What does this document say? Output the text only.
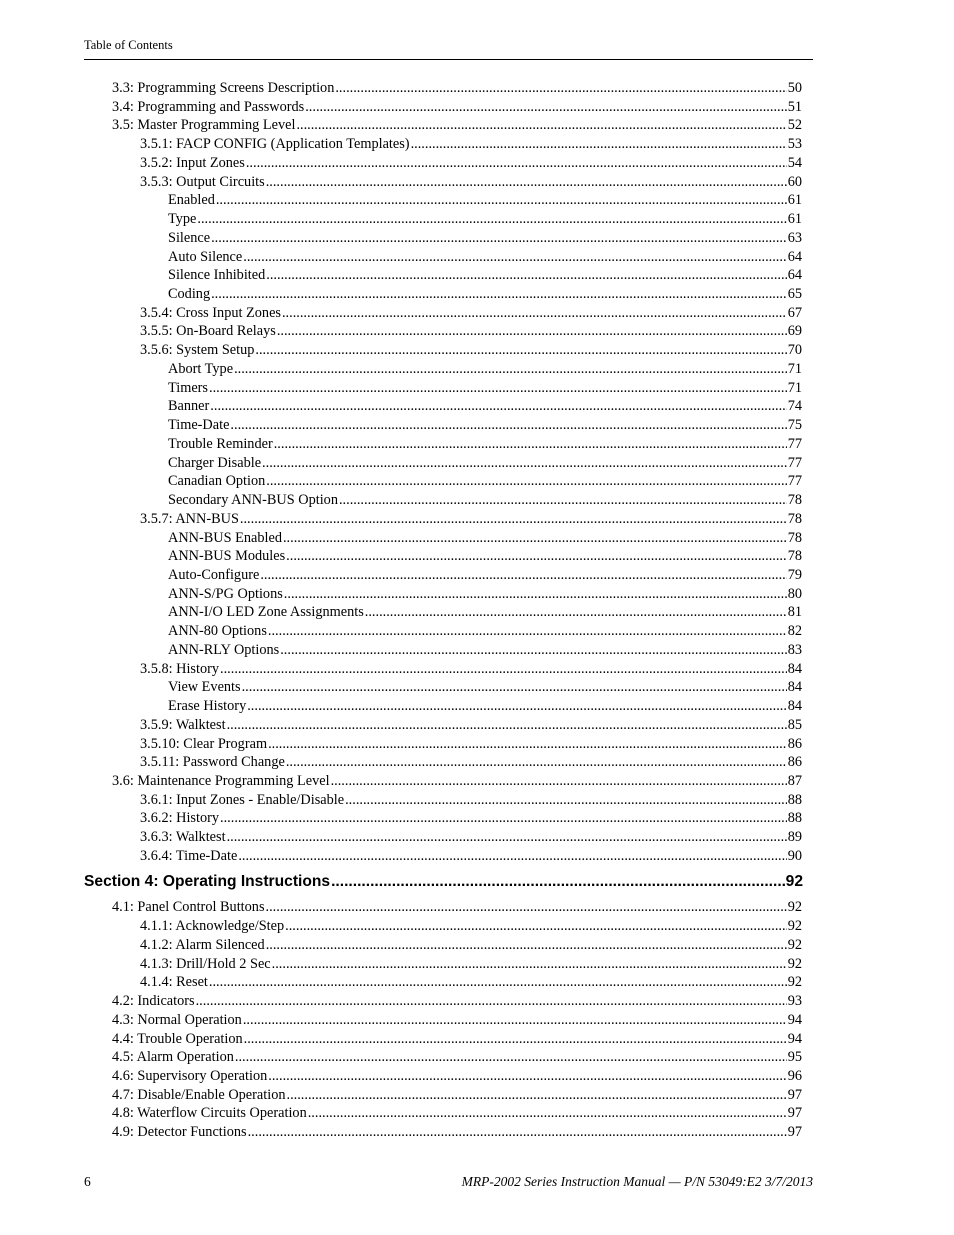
Table of Contents
3.3: Programming Screens Description .....	50
3.4: Programming and Passwords .....	51
3.5: Master Programming Level .....	52
3.5.1: FACP CONFIG (Application Templates) .....	53
3.5.2: Input Zones .....	54
3.5.3: Output Circuits .....	60
Enabled .....	61
Type .....	61
Silence .....	63
Auto Silence .....	64
Silence Inhibited .....	64
Coding .....	65
3.5.4: Cross Input Zones .....	67
3.5.5: On-Board Relays .....	69
3.5.6: System Setup .....	70
Abort Type .....	71
Timers .....	71
Banner .....	74
Time-Date .....	75
Trouble Reminder .....	77
Charger Disable .....	77
Canadian Option .....	77
Secondary ANN-BUS Option .....	78
3.5.7: ANN-BUS .....	78
ANN-BUS Enabled .....	78
ANN-BUS Modules .....	78
Auto-Configure .....	79
ANN-S/PG Options .....	80
ANN-I/O LED Zone Assignments .....	81
ANN-80 Options .....	82
ANN-RLY Options .....	83
3.5.8: History .....	84
View Events .....	84
Erase History .....	84
3.5.9: Walktest .....	85
3.5.10: Clear Program .....	86
3.5.11: Password Change .....	86
3.6: Maintenance Programming Level .....	87
3.6.1: Input Zones - Enable/Disable .....	88
3.6.2: History .....	88
3.6.3: Walktest .....	89
3.6.4: Time-Date .....	90
Section 4: Operating Instructions .....	92
4.1: Panel Control Buttons .....	92
4.1.1: Acknowledge/Step .....	92
4.1.2: Alarm Silenced .....	92
4.1.3: Drill/Hold 2 Sec .....	92
4.1.4: Reset .....	92
4.2: Indicators .....	93
4.3: Normal Operation .....	94
4.4: Trouble Operation .....	94
4.5: Alarm Operation .....	95
4.6: Supervisory Operation .....	96
4.7: Disable/Enable Operation .....	97
4.8: Waterflow Circuits Operation .....	97
4.9: Detector Functions .....	97
6	MRP-2002 Series Instruction Manual — P/N 53049:E2 3/7/2013
